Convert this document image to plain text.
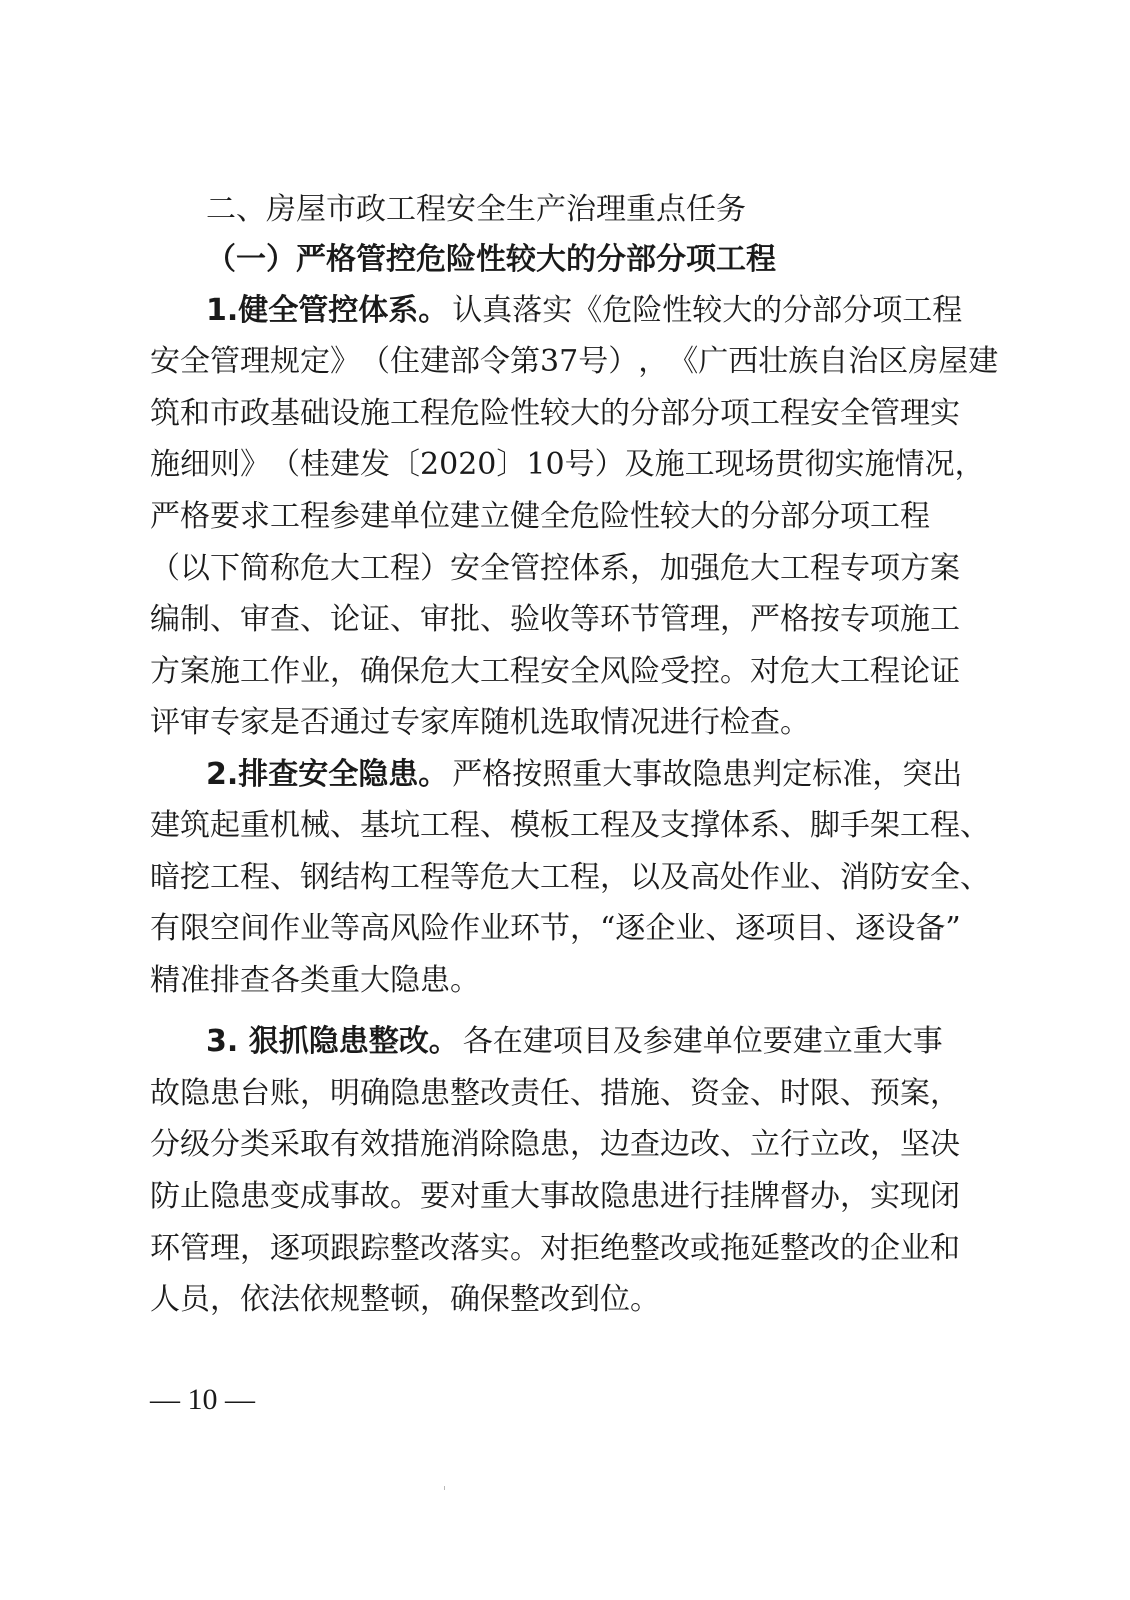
二、房屋市政工程安全生产治理重点任务
（ 一 ） 严 格 管 控 危 险 性 较 大 的 分 部 分 项 工 程
1.健全管控体系。 认 真 落 实 《 危 险 性 较 大 的 分 部 分 项 工 程
安 全 管 理 规 定 》 （ 住 建 部 令 第 3 7 号 ） ， 《 广 西 壮 族 自 治 区 房 屋 建
筑 和 市 政 基 础 设 施 工 程 危 险 性 较 大 的 分 部 分 项 工 程 安 全 管 理 实
施 细 则 》 （ 桂 建 发 〔 2 0 2 0 〕 1 0 号 ） 及 施 工 现 场 贯 彻 实 施 情 况 ，
严 格 要 求 工 程 参 建 单 位 建 立 健 全 危 险 性 较 大 的 分 部 分 项 工 程
（ 以 下 简 称 危 大 工 程 ） 安 全 管 控 体 系 ， 加 强 危 大 工 程 专 项 方 案
编 制 、 审 查 、 论 证 、 审 批 、 验 收 等 环 节 管 理 ， 严 格 按 专 项 施 工
方 案 施 工 作 业 ， 确 保 危 大 工 程 安 全 风 险 受 控 。 对 危 大 工 程 论 证
评审专家是否通过专家库随机选取情况进行检查。
2.排查安全隐患。 严 格 按 照 重 大 事 故 隐 患 判 定 标 准 ， 突 出
建 筑 起 重 机 械 、 基 坑 工 程 、 模 板 工 程 及 支 撑 体 系 、 脚 手 架 工 程 、
暗 挖 工 程 、 钢 结 构 工 程 等 危 大 工 程 ， 以 及 高 处 作 业 、 消 防 安 全 、
有 限 空 间 作 业 等 高 风 险 作 业 环 节 ， “ 逐 企 业 、 逐 项 目 、 逐 设 备 ”
精准排查各类重大隐患。
3. 狠抓隐患整改。 各 在 建 项 目 及 参 建 单 位 要 建 立 重 大 事
故 隐 患 台 账 ， 明 确 隐 患 整 改 责 任 、 措 施 、 资 金 、 时 限 、 预 案 ，
分 级 分 类 采 取 有 效 措 施 消 除 隐 患 ， 边 查 边 改 、 立 行 立 改 ， 坚 决
防 止 隐 患 变 成 事 故 。 要 对 重 大 事 故 隐 患 进 行 挂 牌 督 办 ， 实 现 闭
环 管 理 ， 逐 项 跟 踪 整 改 落 实 。 对 拒 绝 整 改 或 拖 延 整 改 的 企 业 和
人员，依法依规整顿，确保整改到位。
— 10 —
